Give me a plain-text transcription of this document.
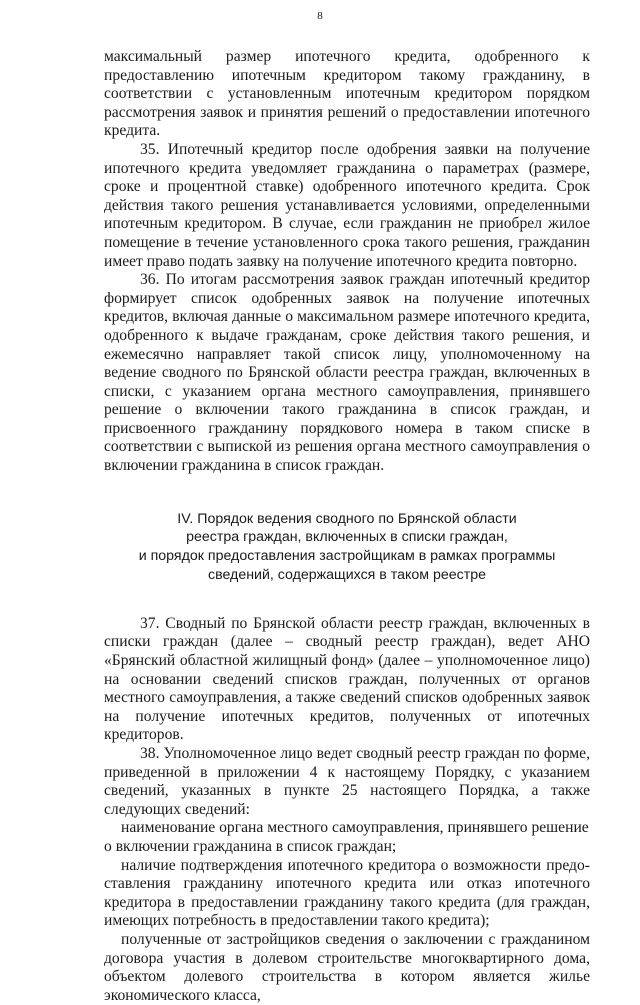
8

максимальный размер ипотечного кредита, одобренного к предоставлению ипотечным кредитором такому гражданину, в соответствии с установленным ипотечным кредитором порядком рассмотрения заявок и принятия решений о предоставлении ипотечного кредита.

35. Ипотечный кредитор после одобрения заявки на получение ипотечного кредита уведомляет гражданина о параметрах (размере, сроке и процентной ставке) одобренного ипотечного кредита. Срок действия такого решения устанавливается условиями, определенными ипотечным кредитором. В случае, если гражданин не приобрел жилое помещение в течение установленного срока такого решения, гражданин имеет право подать заявку на получение ипотечного кредита повторно.

36. По итогам рассмотрения заявок граждан ипотечный кредитор формирует список одобренных заявок на получение ипотечных кредитов, включая данные о максимальном размере ипотечного кредита, одобренного к выдаче гражданам, сроке действия такого решения, и ежемесячно направляет такой список лицу, уполномоченному на ведение сводного по Брянской области реестра граждан, включенных в списки, с указанием органа местного самоуправления, принявшего решение о включении такого гражданина в список граждан, и присвоенного гражданину порядкового номера в таком списке в соответствии с выпиской из решения органа местного самоуправления о включении гражданина в список граждан.

IV. Порядок ведения сводного по Брянской области
реестра граждан, включенных в списки граждан,
и порядок предоставления застройщикам в рамках программы
сведений, содержащихся в таком реестре

37. Сводный по Брянской области реестр граждан, включенных в списки граждан (далее – сводный реестр граждан), ведет АНО «Брянский областной жилищный фонд» (далее – уполномоченное лицо) на основании сведений списков граждан, полученных от органов местного самоуправления, а также сведений списков одобренных заявок на получение ипотечных кредитов, полученных от ипотечных кредиторов.

38. Уполномоченное лицо ведет сводный реестр граждан по форме, приведенной в приложении 4 к настоящему Порядку, с указанием сведений, указанных в пункте 25 настоящего Порядка, а также следующих сведений:

наименование органа местного самоуправления, принявшего решение

о включении гражданина в список граждан;

наличие подтверждения ипотечного кредитора о возможности предоставления гражданину ипотечного кредита или отказ ипотечного кредитора в предоставлении гражданину такого кредита (для граждан, имеющих потребность в предоставлении такого кредита);

полученные от застройщиков сведения о заключении с гражданином договора участия в долевом строительстве многоквартирного дома, объектом долевого строительства в котором является жилье экономического класса,
